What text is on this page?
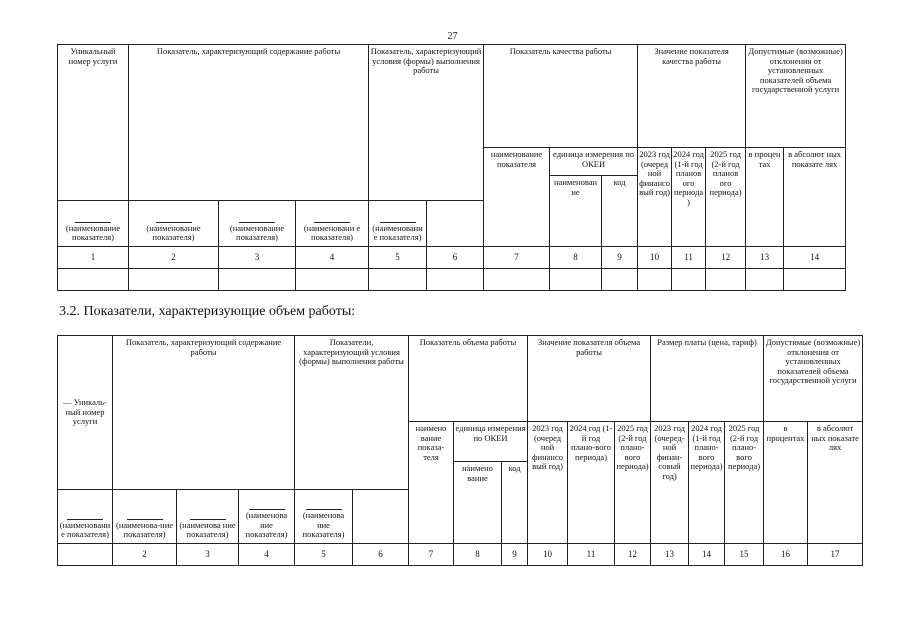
27
Уникальный номер услуги	Показатель, характеризующий содержание работы			Показатель, характеризующий условия (формы) выполнения работы		Показатель качества работы			Значение показателя качества работы			Допустимые (возможные) отклонения от установленных показателей объема государственной услуги	
						наименование показателя	единица измерения по ОКЕИ		2023 год (очеред ной финансо вый год)	2024 год (1-й год планов ого периода)	2025 год (2-й год планов ого периода)	в процен тах	в абсолют ных показате лях
							наименован ие	код					

(наименование показателя)	(наименование показателя)	(наименование показателя)	(наименовани е показателя)	(наименовани е показателя)									
1	2	3	4	5	6	7	8	9	10	11	12	13	14

3.2. Показатели, характеризующие объем работы:
— Уникаль-ный номер услуги	Показатель, характеризующий содержание работы			Показатели, характеризующий условия (формы) выполнения работы		Показатель объема работы			Значение показателя объема работы			Размер платы (цена, тариф)			Допустимые (возможные) отклонения от установленных показателей объема государственной услуги	
						наимено вание показа-теля	единица измерения по ОКЕИ		2023 год (очеред ной финансо вый год)	2024 год (1-й год плано-вого периода)	2025 год (2-й год плано-вого периода)	2023 год (очеред-ной финан-совый год)	2024 год (1-й год плано-вого периода)	2025 год (2-й год плано-вого периода)	в процентах	в абсолют ных показате лях
							наимено вание	код								

(наименование показателя)	(наименова-ние показателя)	(наименова ние показателя)	(наименова ние показателя)	(наименова ние показателя)												
	2	3	4	5	6	7	8	9	10	11	12	13	14	15	16	17
